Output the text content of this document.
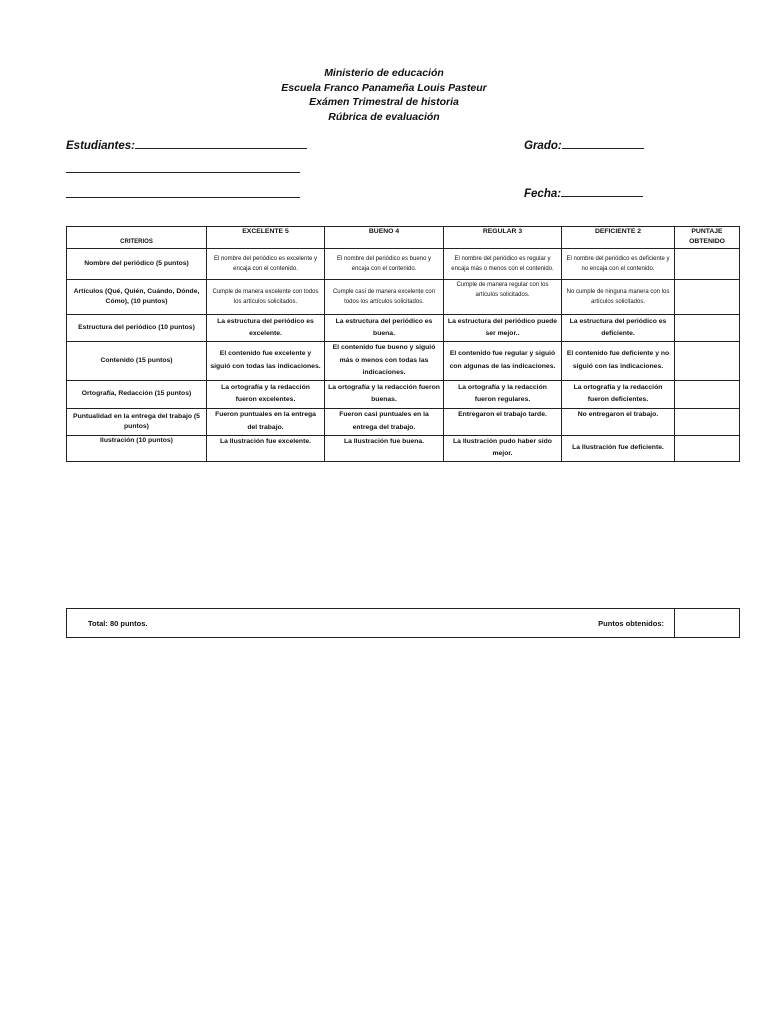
Ministerio de educación
Escuela Franco Panameña Louis Pasteur
Exámen Trimestral de historia
Rúbrica de evaluación
Estudiantes:	Grado:
Fecha:
CRITERIOS	EXCELENTE 5	BUENO 4	REGULAR 3	DEFICIENTE 2	PUNTAJE OBTENIDO
Nombre del periódico (5 puntos)	El nombre del periódico es excelente y encaja con el contenido.	El nombre del periódico es bueno y encaja con el contenido.	El nombre del periódico es regular y encaja más o menos con el contenido.	El nombre del periódico es deficiente y no encaja con el contenido.	
Artículos (Qué, Quién, Cuándo, Dónde, Cómo), (10 puntos)	Cumple de manera excelente con todos los artículos solicitados.	Cumple casi de manera excelente con todos los artículos solicitados.	Cumple de manera regular con los artículos solicitados.	No cumple de ninguna manera con los artículos solicitados.	
Estructura del periódico (10 puntos)	La estructura del periódico es excelente.	La estructura del periódico es buena.	La estructura del periódico puede ser mejor..	La estructura del periódico es deficiente.	
Contenido (15 puntos)	El contenido fue excelente y siguió con todas las indicaciones.	El contenido fue bueno y siguió más o menos con todas las indicaciones.	El contenido fue regular y siguió con algunas de las indicaciones.	El contenido fue deficiente y no siguió con las indicaciones.	
Ortografía, Redacción (15 puntos)	La ortografía y la redacción fueron excelentes.	La ortografía y la redacción fueron buenas.	La ortografía y la redacción fueron regulares.	La ortografía y la redacción fueron deficientes.	
Puntualidad en la entrega del trabajo (5 puntos)	Fueron puntuales en la entrega del trabajo.	Fueron casi puntuales en la entrega del trabajo.	Entregaron el trabajo tarde.	No entregaron el trabajo.	
Ilustración (10 puntos)	La Ilustración fue excelente.	La Ilustración fue buena.	La Ilustración pudo haber sido mejor.	La Ilustración fue deficiente.	
Total: 80 puntos.	Puntos obtenidos:
